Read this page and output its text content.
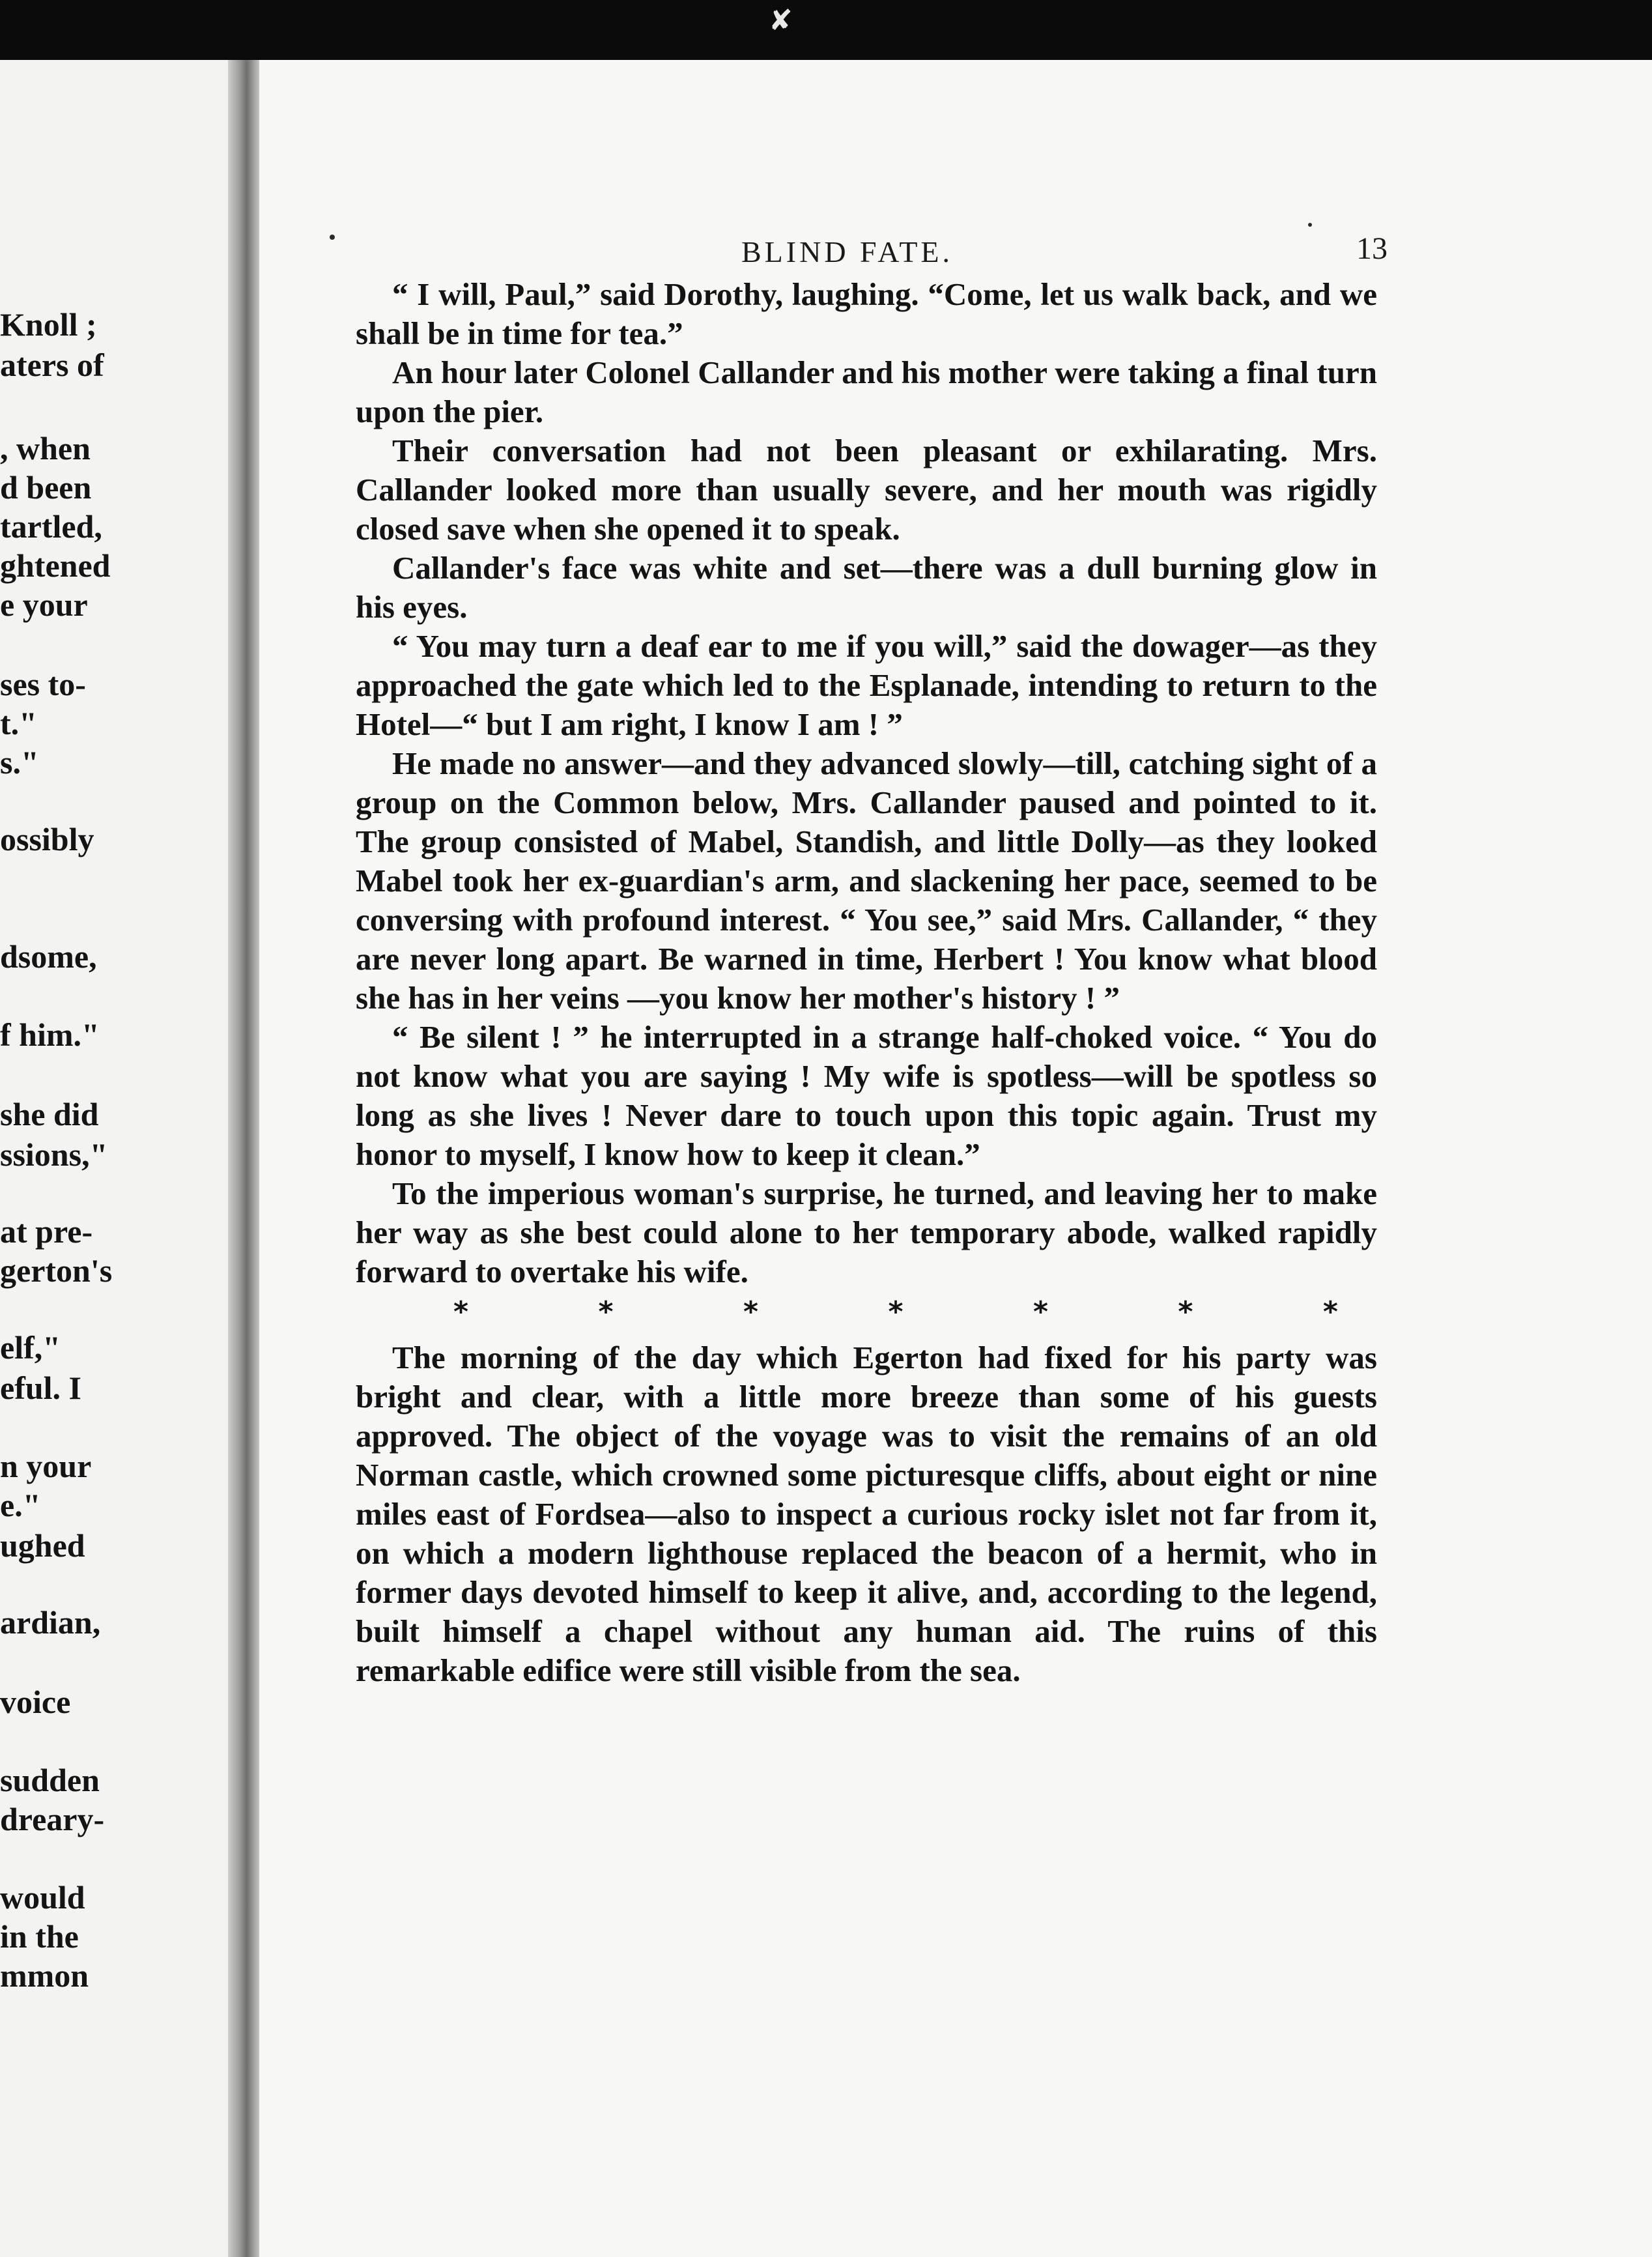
✘
Knoll ;
aters of
, when
d been
tartled,
ghtened
e your
ses to-
t."
s."
ossibly
dsome,
f him."
she did
ssions,"
at pre-
gerton's
elf,"
eful. I
n your
e."
ughed
ardian,
voice
sudden
dreary-
would
in the
mmon
BLIND FATE.	13

“ I will, Paul,” said Dorothy, laughing. “Come, let us walk back, and we shall be in time for tea.”

An hour later Colonel Callander and his mother were taking a final turn upon the pier.

Their conversation had not been pleasant or exhilarating. Mrs. Callander looked more than usually severe, and her mouth was rigidly closed save when she opened it to speak.

Callander's face was white and set—there was a dull burning glow in his eyes.

“ You may turn a deaf ear to me if you will,” said the dowager—as they approached the gate which led to the Esplanade, intending to return to the Hotel—“ but I am right, I know I am ! ”

He made no answer—and they advanced slowly—till, catching sight of a group on the Common below, Mrs. Callander paused and pointed to it. The group consisted of Mabel, Standish, and little Dolly—as they looked Mabel took her ex-guardian's arm, and slackening her pace, seemed to be conversing with profound interest. “ You see,” said Mrs. Callander, “ they are never long apart. Be warned in time, Herbert ! You know what blood she has in her veins —you know her mother's history ! ”

“ Be silent ! ” he interrupted in a strange half-choked voice. “ You do not know what you are saying ! My wife is spotless—will be spotless so long as she lives ! Never dare to touch upon this topic again. Trust my honor to myself, I know how to keep it clean.”

To the imperious woman's surprise, he turned, and leaving her to make her way as she best could alone to her temporary abode, walked rapidly forward to overtake his wife.

*	*	*	*	*	*	*

The morning of the day which Egerton had fixed for his party was bright and clear, with a little more breeze than some of his guests approved. The object of the voyage was to visit the remains of an old Norman castle, which crowned some picturesque cliffs, about eight or nine miles east of Fordsea—also to inspect a curious rocky islet not far from it, on which a modern lighthouse replaced the beacon of a hermit, who in former days devoted himself to keep it alive, and, according to the legend, built himself a chapel without any human aid. The ruins of this remarkable edifice were still visible from the sea.
